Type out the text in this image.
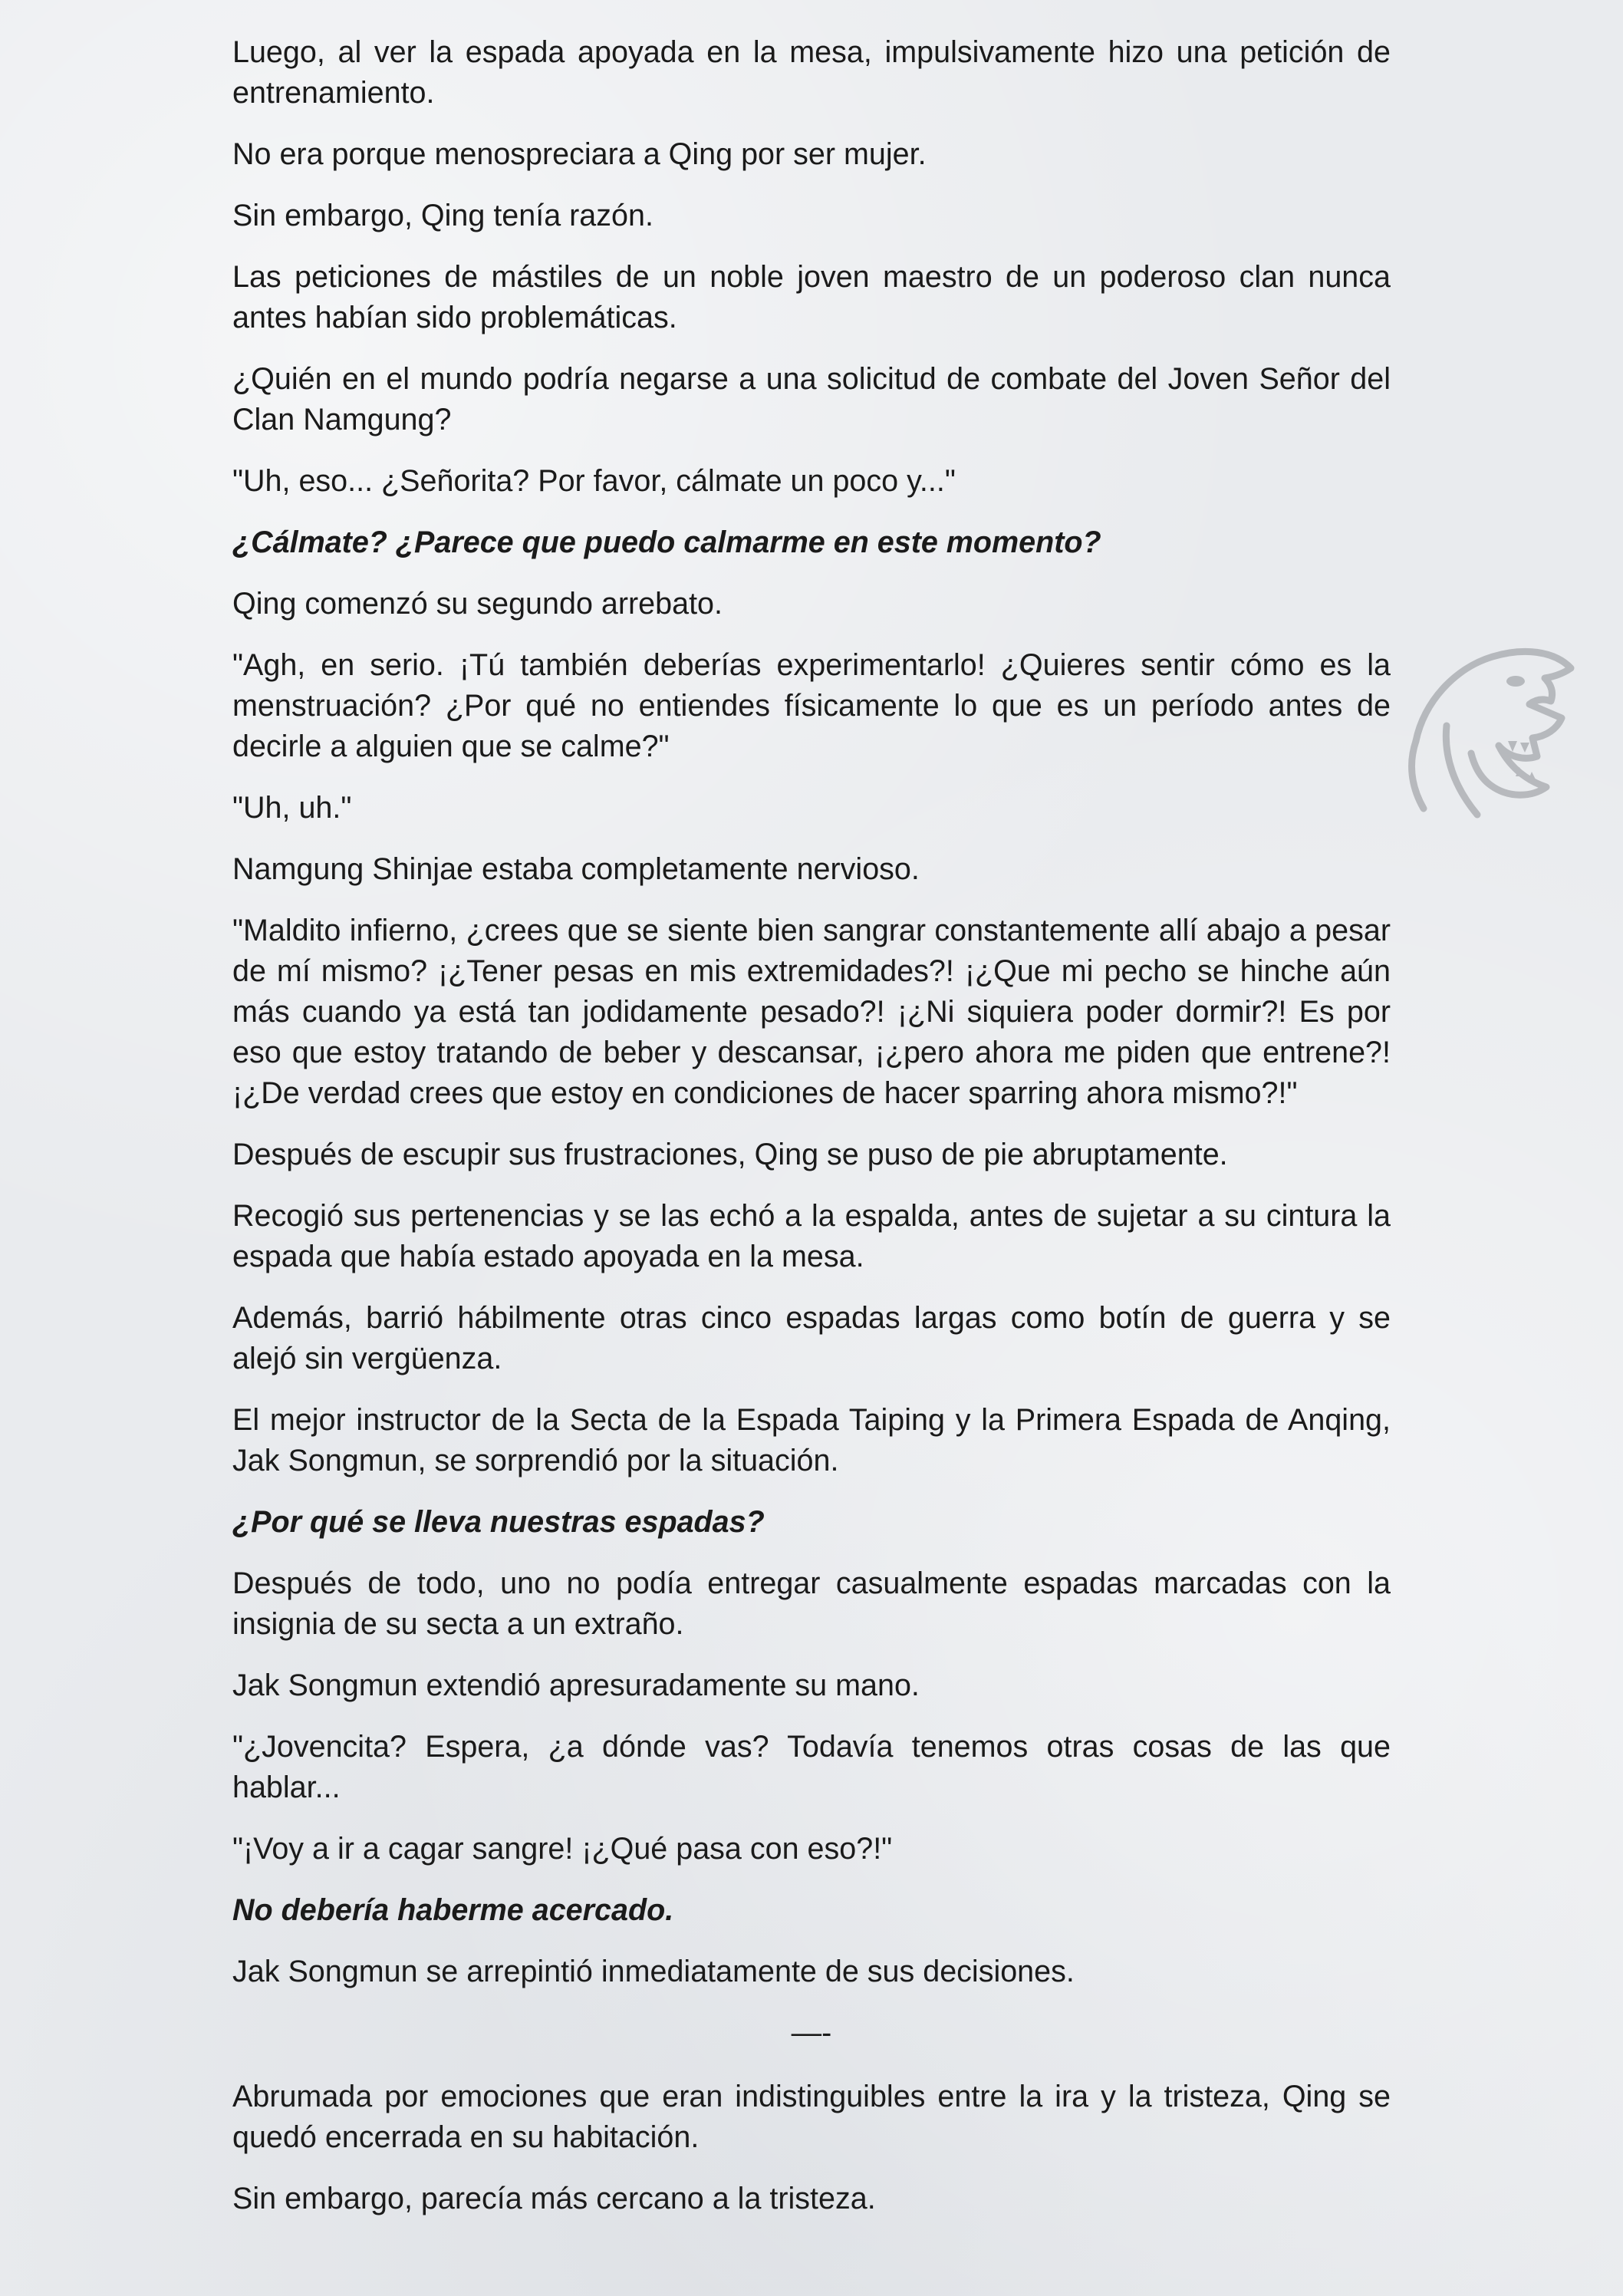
Luego, al ver la espada apoyada en la mesa, impulsivamente hizo una petición de entrenamiento.

No era porque menospreciara a Qing por ser mujer.

Sin embargo, Qing tenía razón.

Las peticiones de mástiles de un noble joven maestro de un poderoso clan nunca antes habían sido problemáticas.

¿Quién en el mundo podría negarse a una solicitud de combate del Joven Señor del Clan Namgung?

"Uh, eso... ¿Señorita? Por favor, cálmate un poco y..."

¿Cálmate? ¿Parece que puedo calmarme en este momento?

Qing comenzó su segundo arrebato.

"Agh, en serio. ¡Tú también deberías experimentarlo! ¿Quieres sentir cómo es la menstruación? ¿Por qué no entiendes físicamente lo que es un período antes de decirle a alguien que se calme?"

"Uh, uh."

Namgung Shinjae estaba completamente nervioso.

"Maldito infierno, ¿crees que se siente bien sangrar constantemente allí abajo a pesar de mí mismo? ¡¿Tener pesas en mis extremidades?! ¡¿Que mi pecho se hinche aún más cuando ya está tan jodidamente pesado?! ¡¿Ni siquiera poder dormir?! Es por eso que estoy tratando de beber y descansar, ¡¿pero ahora me piden que entrene?! ¡¿De verdad crees que estoy en condiciones de hacer sparring ahora mismo?!"

Después de escupir sus frustraciones, Qing se puso de pie abruptamente.

Recogió sus pertenencias y se las echó a la espalda, antes de sujetar a su cintura la espada que había estado apoyada en la mesa.

Además, barrió hábilmente otras cinco espadas largas como botín de guerra y se alejó sin vergüenza.

El mejor instructor de la Secta de la Espada Taiping y la Primera Espada de Anqing, Jak Songmun, se sorprendió por la situación.

¿Por qué se lleva nuestras espadas?

Después de todo, uno no podía entregar casualmente espadas marcadas con la insignia de su secta a un extraño.

Jak Songmun extendió apresuradamente su mano.

"¿Jovencita? Espera, ¿a dónde vas? Todavía tenemos otras cosas de las que hablar...

"¡Voy a ir a cagar sangre! ¡¿Qué pasa con eso?!"

No debería haberme acercado.

Jak Songmun se arrepintió inmediatamente de sus decisiones.

—-

Abrumada por emociones que eran indistinguibles entre la ira y la tristeza, Qing se quedó encerrada en su habitación.

Sin embargo, parecía más cercano a la tristeza.
